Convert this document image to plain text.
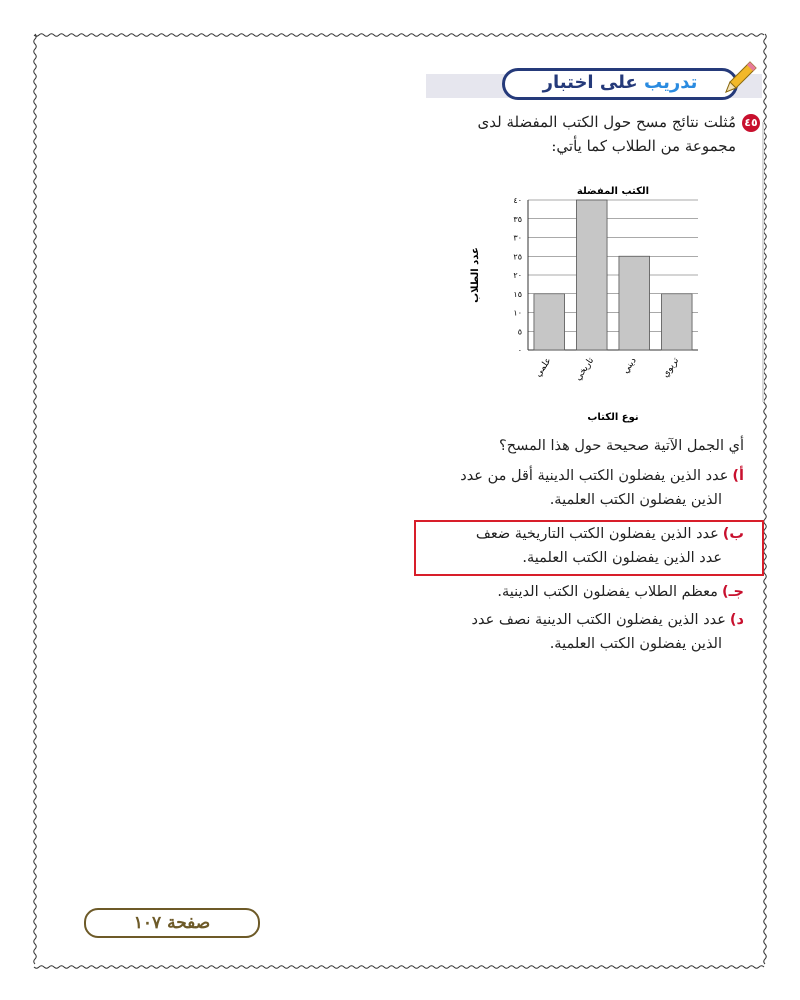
تدريب على اختبار
٤٥
مُثلت نتائج مسح حول الكتب المفضلة لدى مجموعة من الطلاب كما يأتي:
الكتب المفضلة
٠
٥
١٠
١٥
٢٠
٢٥
٣٠
٣٥
٤٠
علمي تاريخي	ديني تربوي
عدد الطلاب
نوع الكتاب
أي الجمل الآتية صحيحة حول هذا المسح؟
أ)عدد الذين يفضلون الكتب الدينية أقل من عدد
الذين يفضلون الكتب العلمية.
ب)عدد الذين يفضلون الكتب التاريخية ضعف
عدد الذين يفضلون الكتب العلمية.
جـ)معظم الطلاب يفضلون الكتب الدينية.
د)عدد الذين يفضلون الكتب الدينية نصف عدد
الذين يفضلون الكتب العلمية.
صفحة ١٠٧
